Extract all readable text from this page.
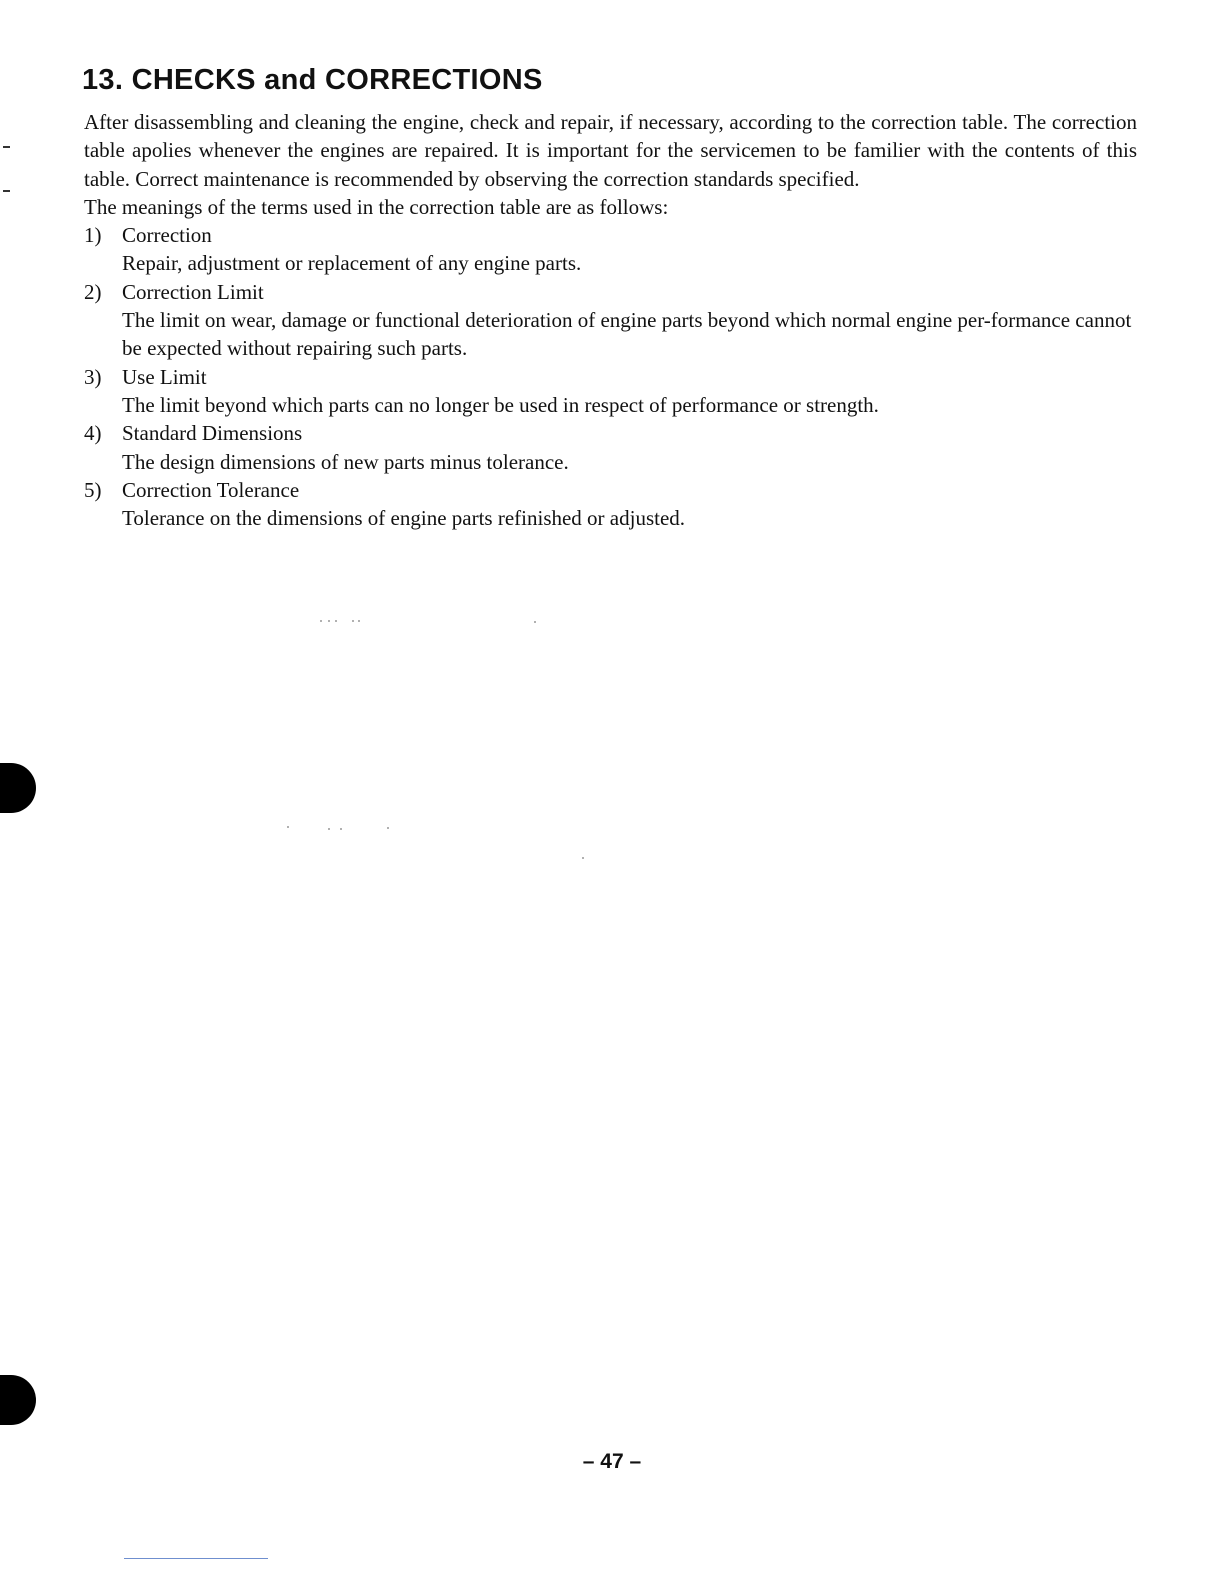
13. CHECKS and CORRECTIONS

After disassembling and cleaning the engine, check and repair, if necessary, according to the correction table. The correction table apolies whenever the engines are repaired. It is important for the servicemen to be familier with the contents of this table. Correct maintenance is recommended by observing the correction standards specified.

The meanings of the terms used in the correction table are as follows:

1) Correction
Repair, adjustment or replacement of any engine parts.
2) Correction Limit
The limit on wear, damage or functional deterioration of engine parts beyond which normal engine per-formance cannot be expected without repairing such parts.
3) Use Limit
The limit beyond which parts can no longer be used in respect of performance or strength.
4) Standard Dimensions
The design dimensions of new parts minus tolerance.
5) Correction Tolerance
Tolerance on the dimensions of engine parts refinished or adjusted.
– 47 –
